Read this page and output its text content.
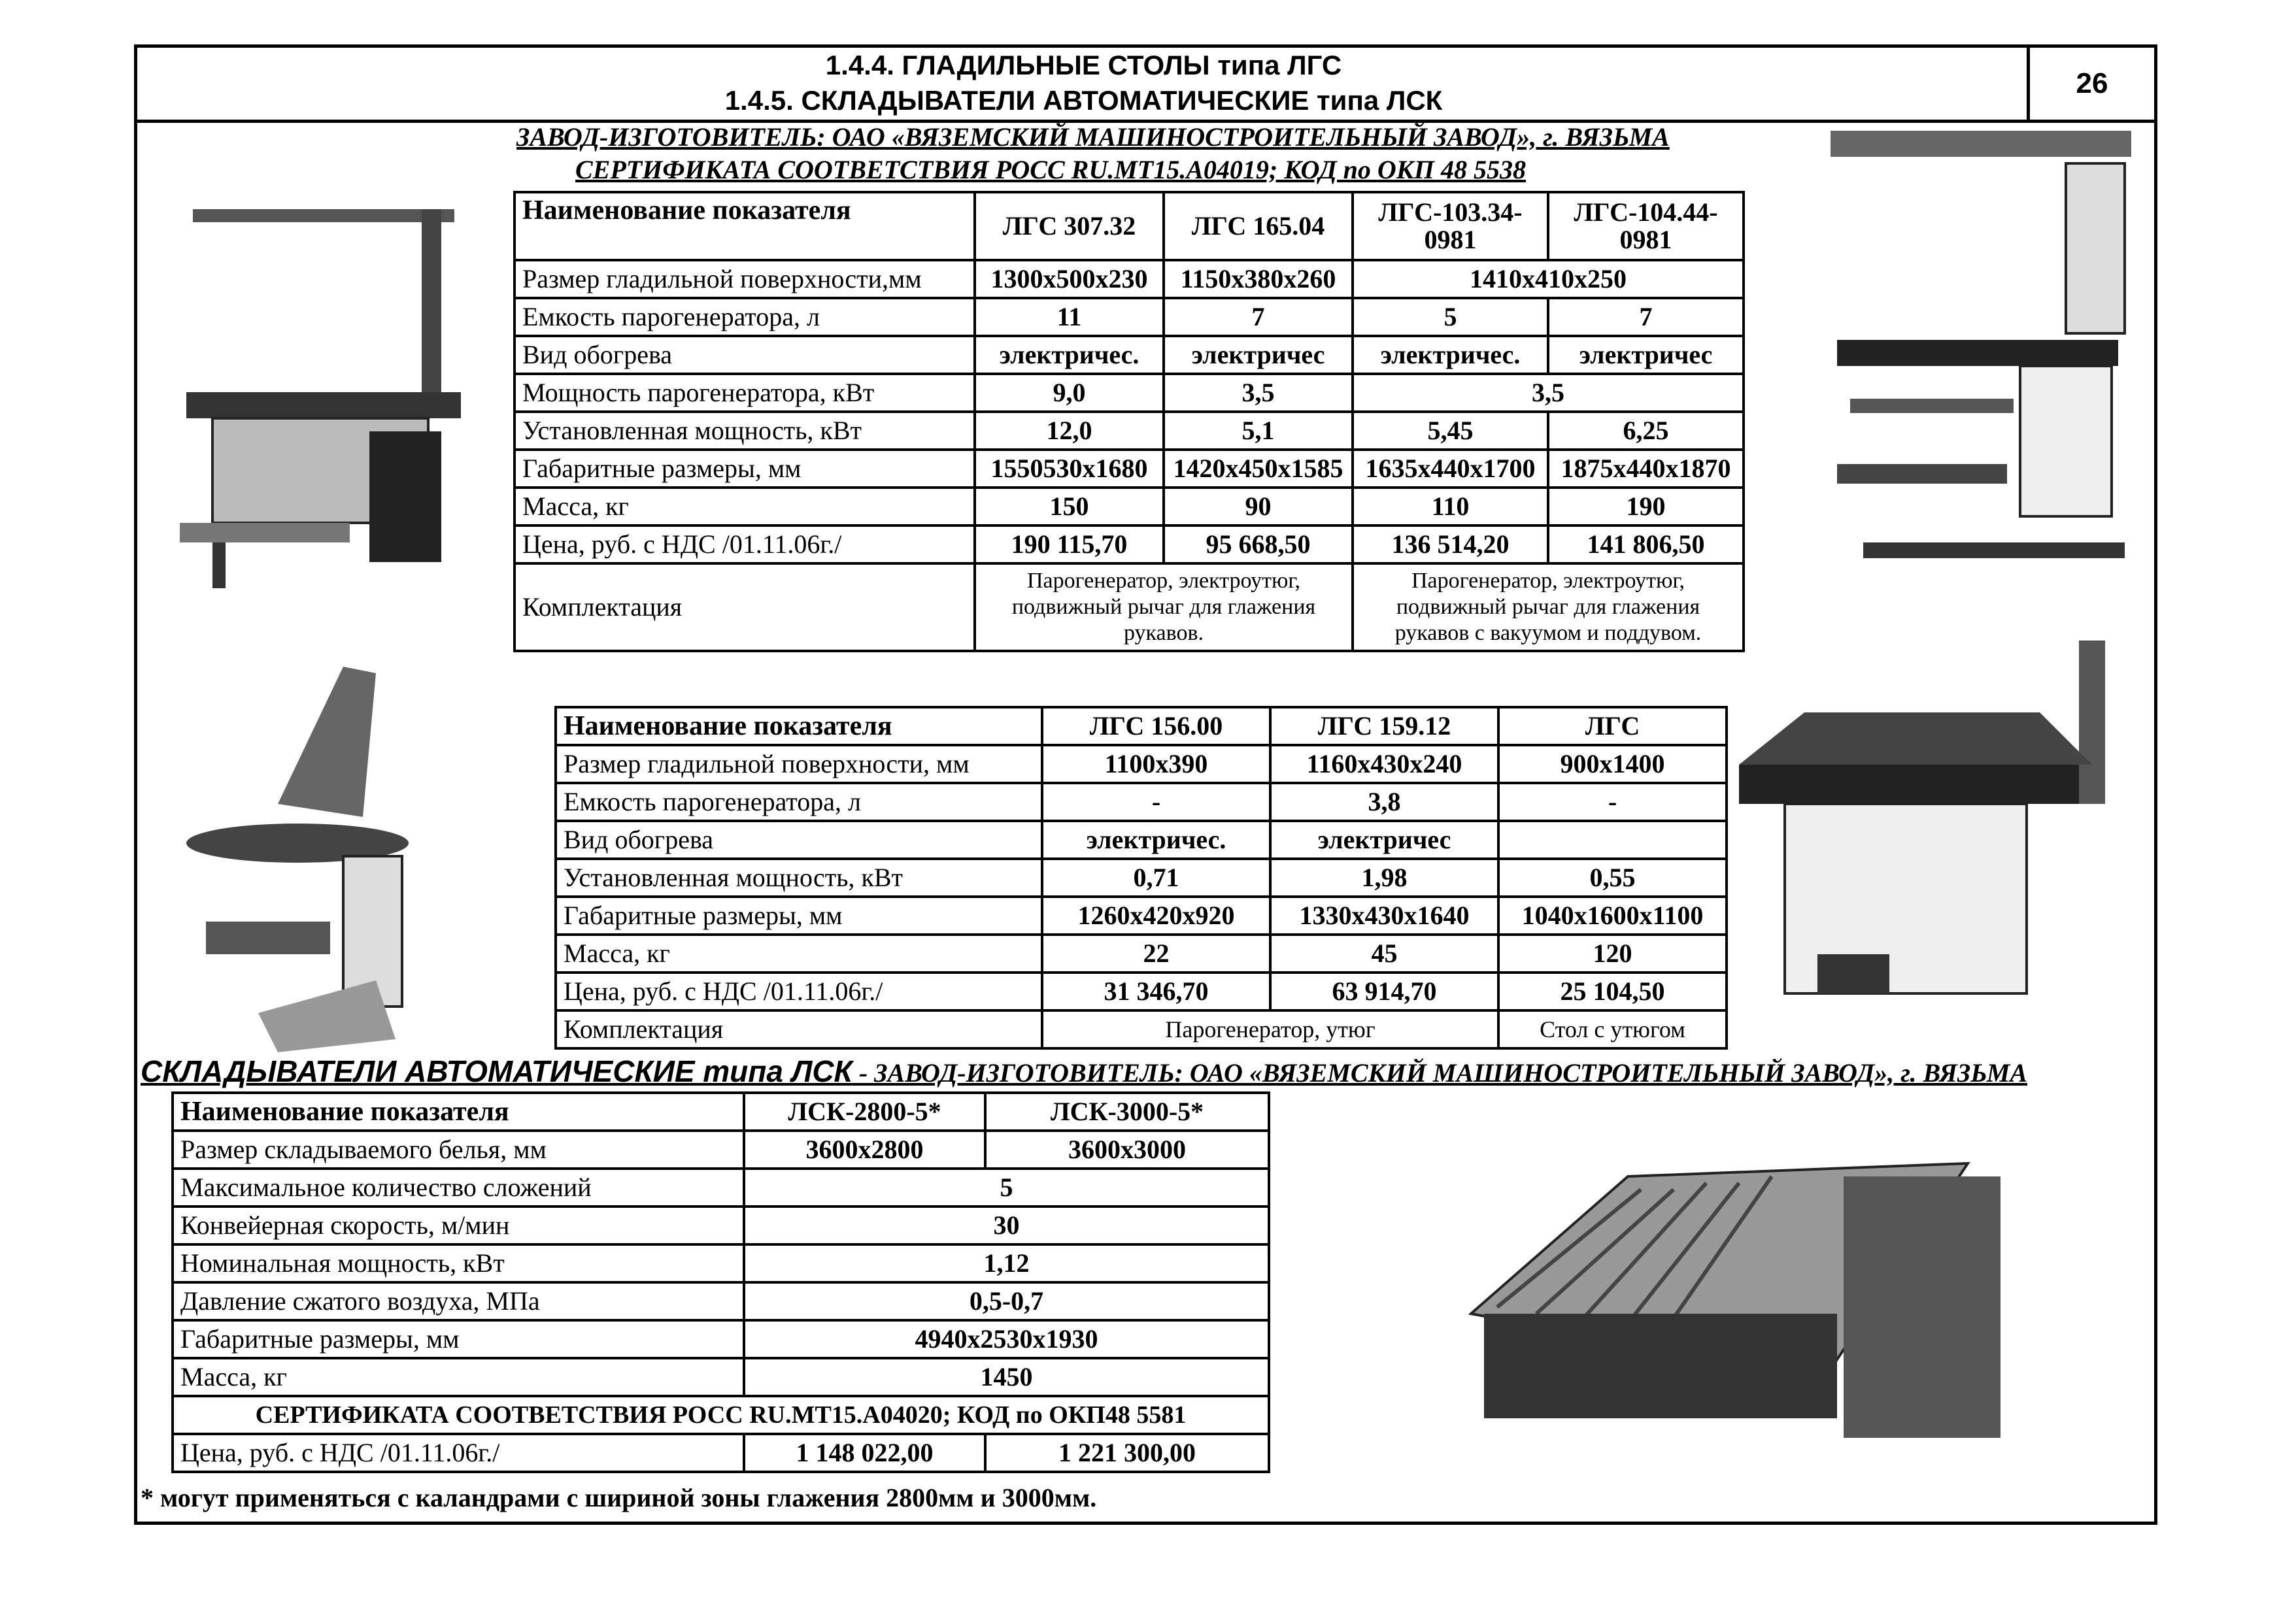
1.4.4. ГЛАДИЛЬНЫЕ СТОЛЫ типа ЛГС
1.4.5. СКЛАДЫВАТЕЛИ АВТОМАТИЧЕСКИЕ типа ЛСК
26
ЗАВОД-ИЗГОТОВИТЕЛЬ: ОАО «ВЯЗЕМСКИЙ МАШИНОСТРОИТЕЛЬНЫЙ ЗАВОД», г. ВЯЗЬМА
СЕРТИФИКАТА СООТВЕТСТВИЯ РОСС RU.MT15.A04019; КОД по ОКП 48 5538
Наименование показателя	ЛГС 307.32	ЛГС 165.04	ЛГС-103.34-0981	ЛГС-104.44-0981
Размер гладильной поверхности,мм	1300x500x230	1150x380x260	1410x410x250	
Емкость парогенератора, л	11	7	5	7
Вид обогрева	электричес.	электричес	электричес.	электричес
Мощность парогенератора, кВт	9,0	3,5	3,5	
Установленная мощность, кВт	12,0	5,1	5,45	6,25
Габаритные размеры, мм	1550530x1680	1420x450x1585	1635x440x1700	1875x440x1870
Масса, кг	150	90	110	190
Цена, руб. с НДС /01.11.06г./	190 115,70	95 668,50	136 514,20	141 806,50
Комплектация	Парогенератор, электроутюг, подвижный рычаг для глажения рукавов.		Парогенератор, электроутюг, подвижный рычаг для глажения рукавов с вакуумом и поддувом.	
Наименование показателя	ЛГС 156.00	ЛГС 159.12	ЛГС
Размер гладильной поверхности, мм	1100x390	1160x430x240	900x1400
Емкость парогенератора, л	-	3,8	-
Вид обогрева	электричес.	электричес	
Установленная мощность, кВт	0,71	1,98	0,55
Габаритные размеры, мм	1260x420x920	1330x430x1640	1040x1600x1100
Масса, кг	22	45	120
Цена, руб. с НДС /01.11.06г./	31 346,70	63 914,70	25 104,50
Комплектация	Парогенератор, утюг		Стол с утюгом
СКЛАДЫВАТЕЛИ АВТОМАТИЧЕСКИЕ типа ЛСК - ЗАВОД-ИЗГОТОВИТЕЛЬ: ОАО «ВЯЗЕМСКИЙ МАШИНОСТРОИТЕЛЬНЫЙ ЗАВОД», г. ВЯЗЬМА
Наименование показателя	ЛСК-2800-5*	ЛСК-3000-5*
Размер складываемого белья, мм	3600x2800	3600x3000
Максимальное количество сложений	5	
Конвейерная скорость, м/мин	30	
Номинальная мощность, кВт	1,12	
Давление сжатого воздуха, МПа	0,5-0,7	
Габаритные размеры, мм	4940x2530x1930	
Масса, кг	1450	
СЕРТИФИКАТА СООТВЕТСТВИЯ РОСС RU.MT15.A04020; КОД по ОКП48 5581		
Цена, руб. с НДС /01.11.06г./	1 148 022,00	1 221 300,00
* могут применяться с каландрами с шириной зоны глажения 2800мм и 3000мм.
